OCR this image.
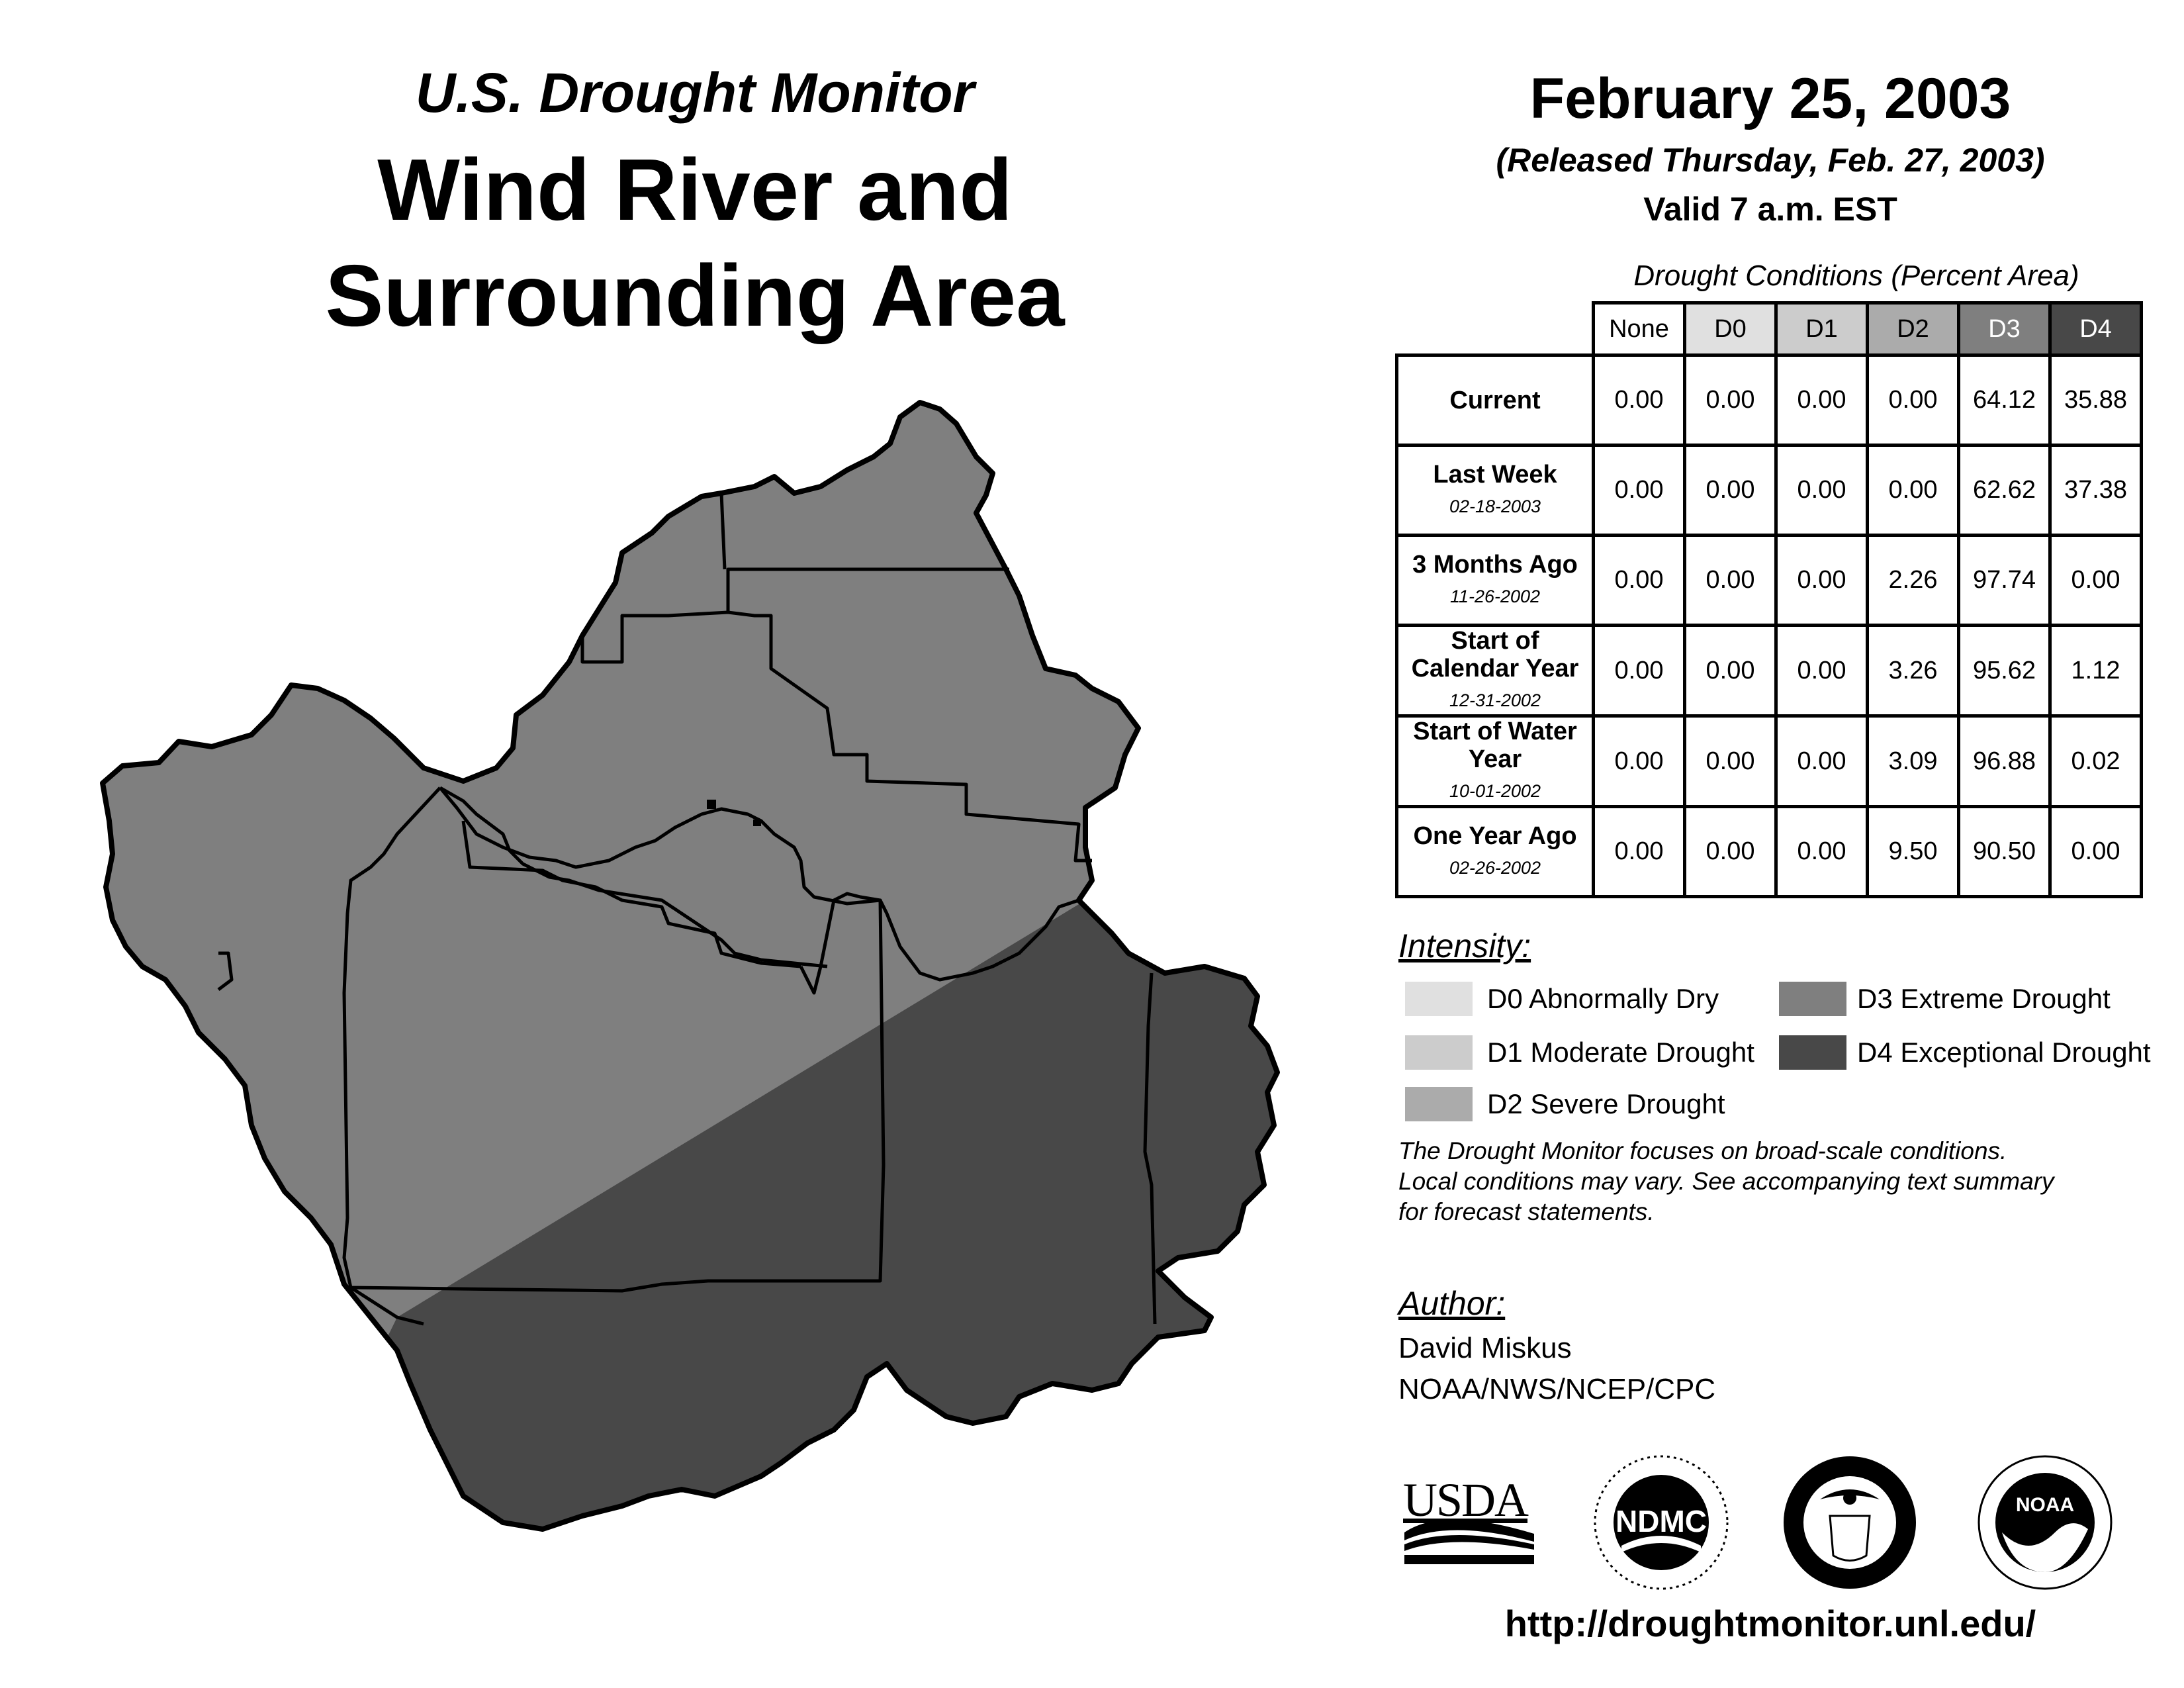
U.S. Drought Monitor
Wind River and
Surrounding Area
February 25, 2003
(Released Thursday, Feb. 27, 2003)
Valid 7 a.m. EST
Drought Conditions (Percent Area)
	None	D0	D1	D2	D3	D4
Current	0.00	0.00	0.00	0.00	64.12	35.88
Last Week
02-18-2003	0.00	0.00	0.00	0.00	62.62	37.38
3 Months Ago
11-26-2002	0.00	0.00	0.00	2.26	97.74	0.00
Start of Calendar Year
12-31-2002	0.00	0.00	0.00	3.26	95.62	1.12
Start of Water Year
10-01-2002	0.00	0.00	0.00	3.09	96.88	0.02
One Year Ago
02-26-2002	0.00	0.00	0.00	9.50	90.50	0.00
Intensity:
D0 Abnormally Dry
D1 Moderate Drought
D2 Severe Drought
D3 Extreme Drought
D4 Exceptional Drought
The Drought Monitor focuses on broad-scale conditions.
Local conditions may vary. See accompanying text summary
for forecast statements.
Author:
David Miskus
NOAA/NWS/NCEP/CPC
USDA	NDMC	NOAA
http://droughtmonitor.unl.edu/
